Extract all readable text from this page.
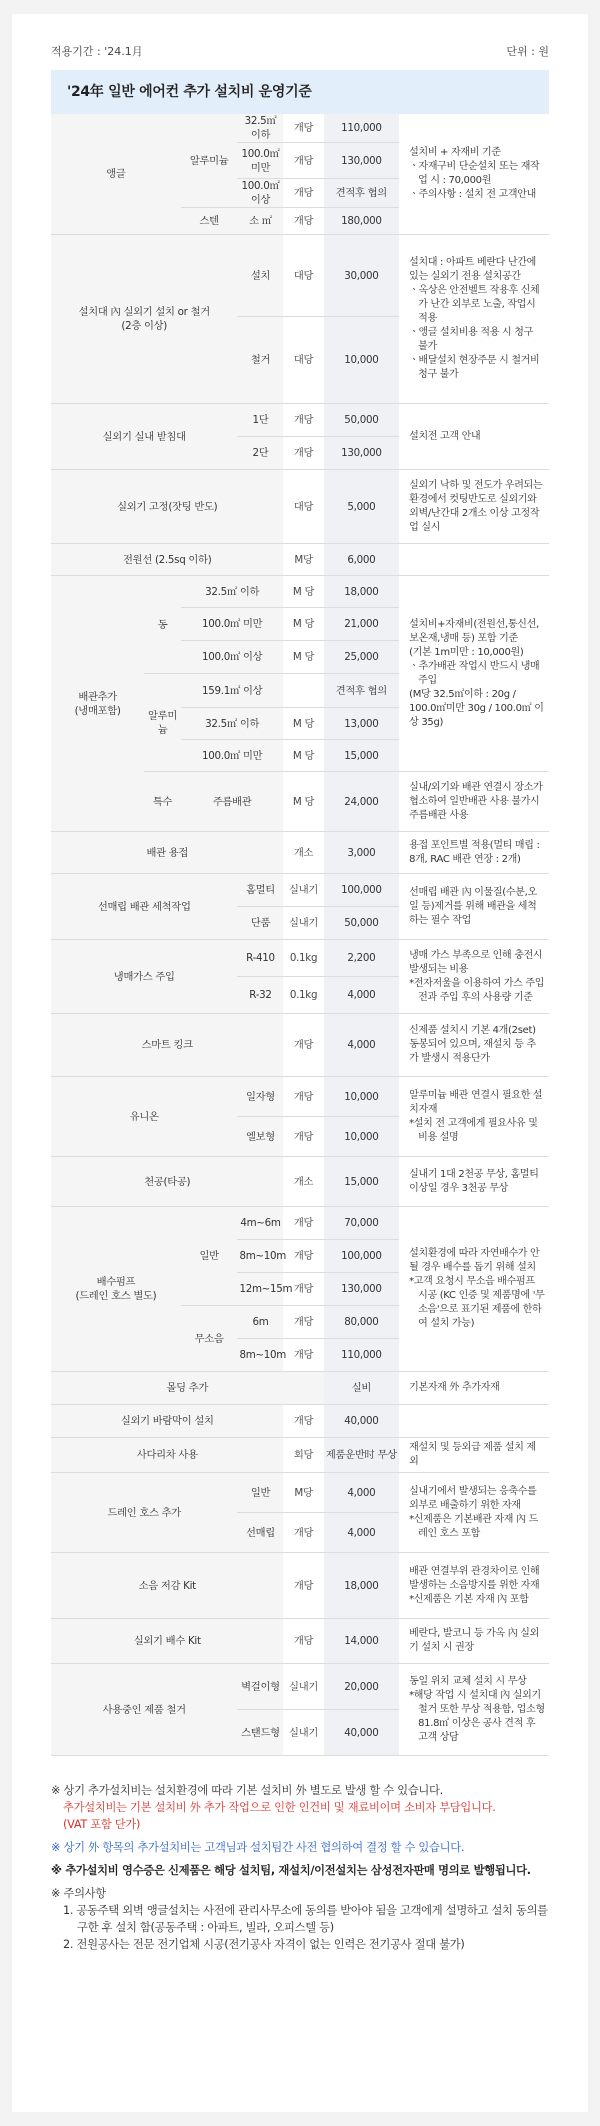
적용기간 : '24.1月	단위 : 원
'24年 일반 에어컨 추가 설치비 운영기준
앵글		알루미늄	32.5㎡ 이하	개당	110,000	설치비 + 자재비 기준
ㆍ자재구비 단순설치 또는 재작업 시 : 70,000원
ㆍ주의사항 : 설치 전 고객안내

			100.0㎡ 미만	개당	130,000	
			100.0㎡ 이상	개당	견적후 협의	
		스텐	소 ㎡	개당	180,000	

설치대 內 실외기 설치 or 철거
(2층 이상)			설치	대당	30,000	설치대 : 아파트 베란다 난간에 있는 실외기 전용 설치공간
ㆍ옥상은 안전벨트 작용후 신체가 난간 외부로 노출, 작업시 적용
ㆍ앵글 설치비용 적용 시 청구 불가
ㆍ배달설치 현장주문 시 철거비 청구 불가

			철거	대당	10,000	
실외기 실내 받침대			1단	개당	50,000	설치전 고객 안내

			2단	개당	130,000	
실외기 고정(잣팅 반도)				대당	5,000	실외기 낙하 및 전도가 우려되는 환경에서 컷팅반도로 실외기와 외벽/난간대 2개소 이상 고정작업 실시

전원선 (2.5sq 이하)				M당	6,000	

배관추가
(냉매포함)	동	32.5㎡ 이하		M 당	18,000	설치비+자재비(전원선,통신선, 보온재,냉매 등) 포함 기준
(기본 1m미만 : 10,000원)
ㆍ추가배관 작업시 반드시 냉매주입
(M당 32.5㎡이하 : 20g / 100.0㎡미만 30g / 100.0㎡ 이상 35g)

		100.0㎡ 미만		M 당	21,000	
		100.0㎡ 이상		M 당	25,000	
	알루미늄	159.1㎡ 이상			견적후 협의	
		32.5㎡ 이하		M 당	13,000	
		100.0㎡ 미만		M 당	15,000	
	특수	주름배관		M 당	24,000	실내/외기와 배관 연결시 장소가 협소하여 일반배관 사용 불가시 주름배관 사용

배관 용접				개소	3,000	용접 포인트별 적용(멀티 매립 : 8개, RAC 배관 연장 : 2개)

선매립 배관 세척작업			홈멀티	실내기	100,000	선매립 배관 內 이물질(수분,오일 등)제거를 위해 배관을 세척하는 필수 작업

			단품	실내기	50,000	
냉매가스 주입			R-410	0.1kg	2,200	냉매 가스 부족으로 인해 충전시 발생되는 비용
*전자저울을 이용하여 가스 주입 전과 주입 후의 사용량 기준

			R-32	0.1kg	4,000	
스마트 킹크				개당	4,000	신제품 설치시 기본 4개(2set) 동봉되어 있으며, 재설치 등 추가 발생시 적용단가

유니온			일자형	개당	10,000	알루미늄 배관 연결시 필요한 설치자재
*설치 전 고객에게 필요사유 및 비용 설명

			엘보형	개당	10,000	
천공(타공)				개소	15,000	실내기 1대 2천공 무상, 홈멀티 이상일 경우 3천공 무상

배수펌프
(드레인 호스 별도)		일반	4m~6m	개당	70,000	설치환경에 따라 자연배수가 안될 경우 배수를 돕기 위해 설치
*고객 요청시 무소음 배수펌프 시공 (KC 인증 및 제품명에 '무소음'으로 표기된 제품에 한하여 설치 가능)

			8m~10m	개당	100,000	
			12m~15m	개당	130,000	
		무소음	6m	개당	80,000	
			8m~10m	개당	110,000	
몰딩 추가					실비	기본자재 外 추가자재

실외기 바람막이 설치				개당	40,000	

사다리차 사용				회당	제품운반时 무상	재설치 및 등외급 제품 설치 제외

드레인 호스 추가			일반	M당	4,000	실내기에서 발생되는 응축수를 외부로 배출하기 위한 자재
*신제품은 기본배관 자재 內 드레인 호스 포함

			선매립	개당	4,000	
소음 저감 Kit				개당	18,000	배관 연결부위 관경차이로 인해 발생하는 소음방지를 위한 자재
*신제품은 기본 자재 內 포함

실외기 배수 Kit				개당	14,000	베란다, 발코니 등 가옥 內 실외기 설치 시 권장

사용중인 제품 철거			벽걸이형	실내기	20,000	동일 위치 교체 설치 시 무상
*해당 작업 시 설치대 內 실외기 철거 또한 무상 적용함, 업소형 81.8㎡ 이상은 공사 견적 후 고객 상담

			스탠드형	실내기	40,000	

※ 상기 추가설치비는 설치환경에 따라 기본 설치비 外 별도로 발생 할 수 있습니다.

추가설치비는 기본 설치비 外 추가 작업으로 인한 인건비 및 재료비이며 소비자 부담입니다.

(VAT 포함 단가)

※ 상기 外 항목의 추가설치비는 고객님과 설치팀간 사전 협의하여 결정 할 수 있습니다.

※ 추가설치비 영수증은 신제품은 해당 설치팀, 재설치/이전설치는 삼성전자판매 명의로 발행됩니다.

※ 주의사항

1. 공동주택 외벽 앵글설치는 사전에 관리사무소에 동의를 받아야 됨을 고객에게 설명하고 설치 동의를 구한 후 설치 함(공동주택 : 아파트, 빌라, 오피스텔 등)
2. 전원공사는 전문 전기업체 시공(전기공사 자격이 없는 인력은 전기공사 절대 불가)
